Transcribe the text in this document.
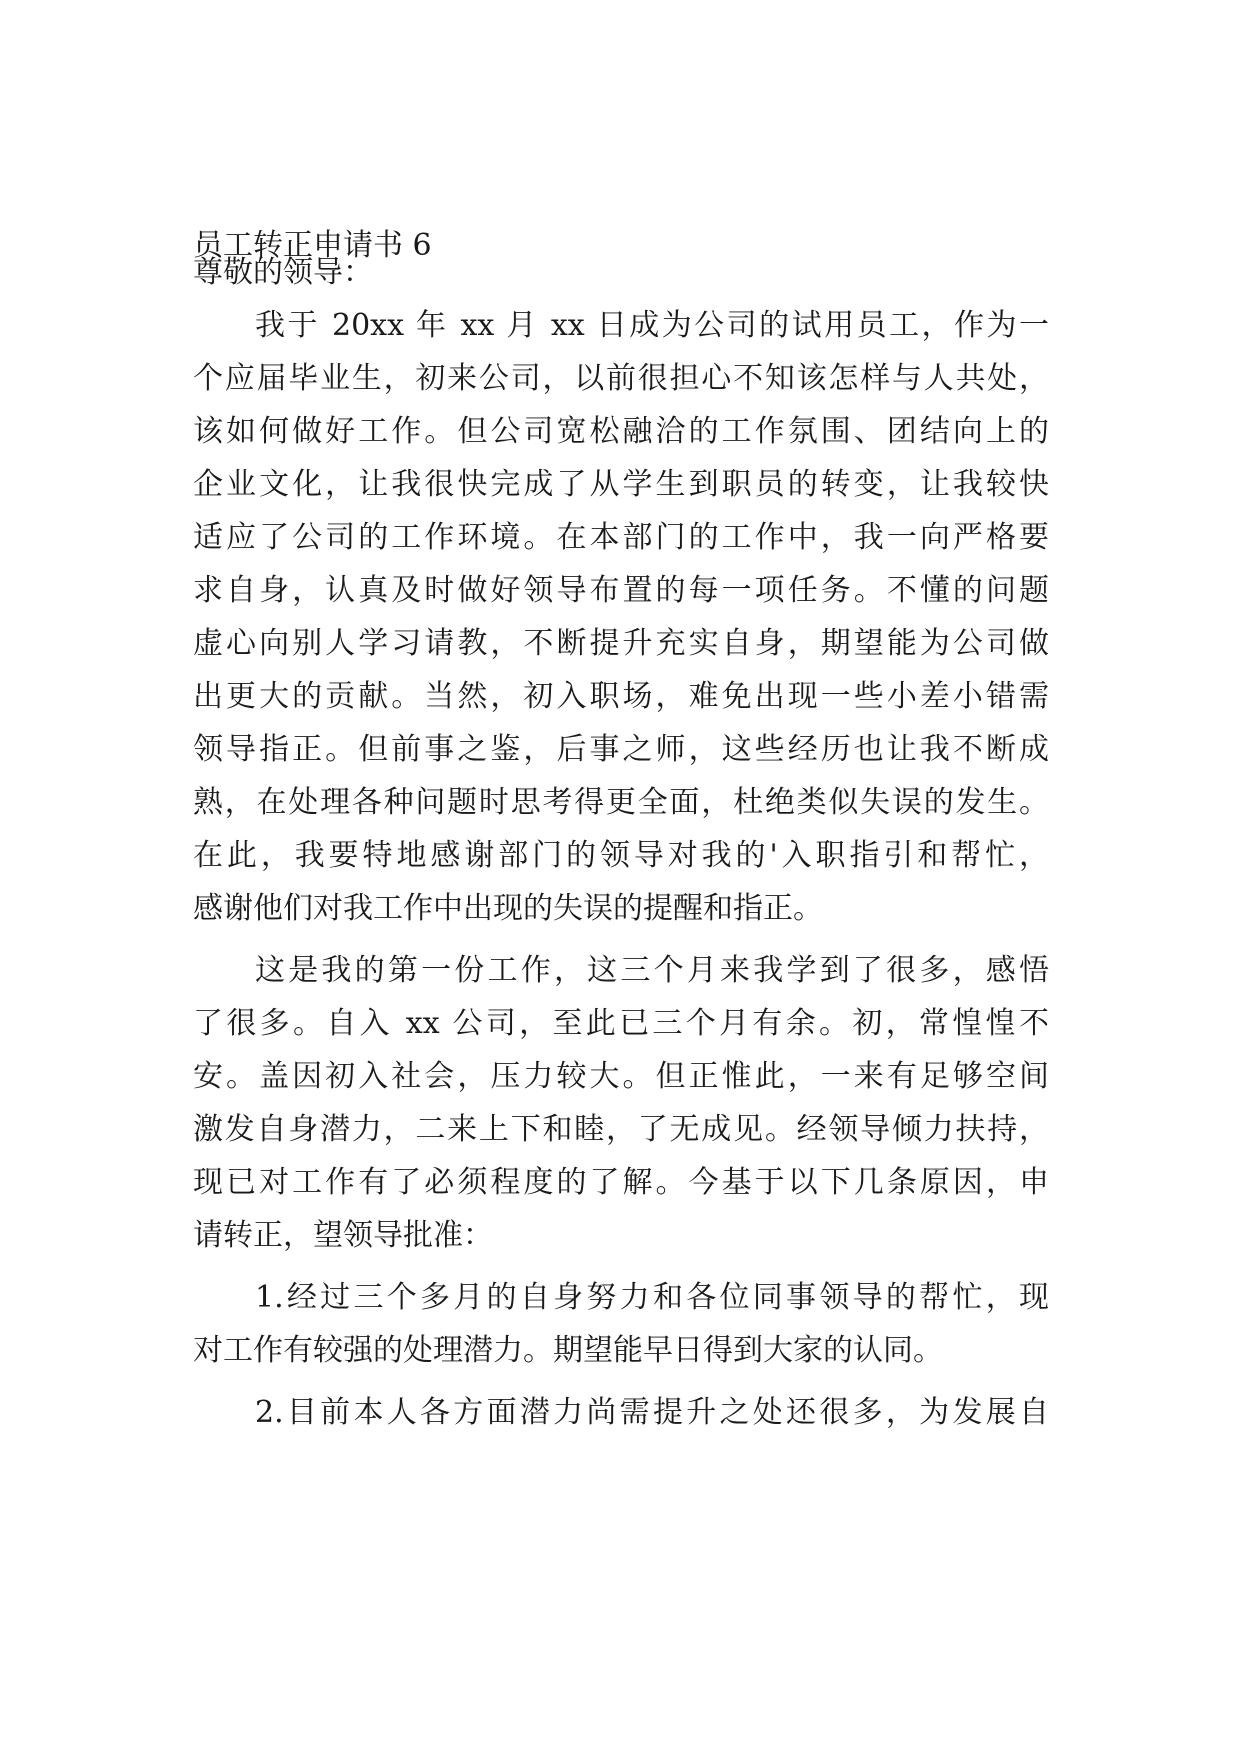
员工转正申请书 6
尊敬的领导：
我于 20xx 年 xx 月 xx 日成为公司的试用员工，作为一
个应届毕业生，初来公司，以前很担心不知该怎样与人共处，
该如何做好工作。但公司宽松融洽的工作氛围、团结向上的
企业文化，让我很快完成了从学生到职员的转变，让我较快
适应了公司的工作环境。在本部门的工作中，我一向严格要
求自身，认真及时做好领导布置的每一项任务。不懂的问题
虚心向别人学习请教，不断提升充实自身，期望能为公司做
出更大的贡献。当然，初入职场，难免出现一些小差小错需
领导指正。但前事之鉴，后事之师，这些经历也让我不断成
熟，在处理各种问题时思考得更全面，杜绝类似失误的发生。
在此，我要特地感谢部门的领导对我的'入职指引和帮忙，
感谢他们对我工作中出现的失误的提醒和指正。
这是我的第一份工作，这三个月来我学到了很多，感悟
了很多。自入 xx 公司，至此已三个月有余。初，常惶惶不
安。盖因初入社会，压力较大。但正惟此，一来有足够空间
激发自身潜力，二来上下和睦，了无成见。经领导倾力扶持，
现已对工作有了必须程度的了解。今基于以下几条原因，申
请转正，望领导批准：
1.经过三个多月的自身努力和各位同事领导的帮忙，现
对工作有较强的处理潜力。期望能早日得到大家的认同。
2.目前本人各方面潜力尚需提升之处还很多，为发展自
